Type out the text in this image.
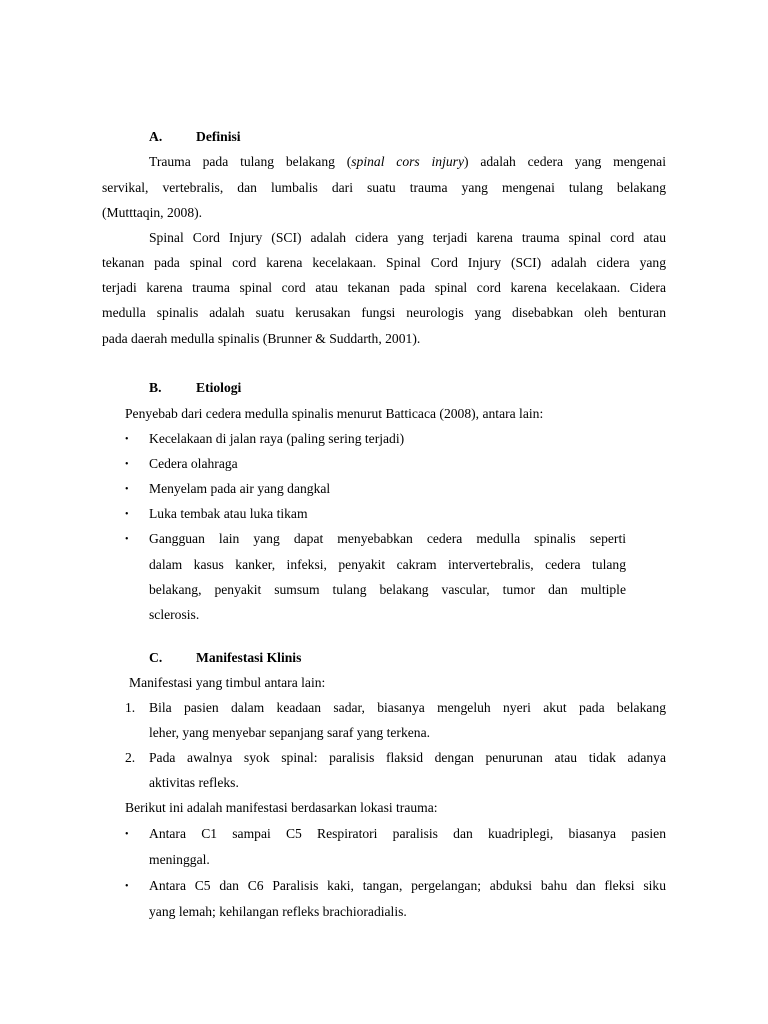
A. Definisi
Trauma pada tulang belakang (spinal cors injury) adalah cedera yang mengenai
servikal, vertebralis, dan lumbalis dari suatu trauma yang mengenai tulang belakang
(Mutttaqin, 2008).
Spinal Cord Injury (SCI) adalah cidera yang terjadi karena trauma spinal cord atau
tekanan pada spinal cord karena kecelakaan. Spinal Cord Injury (SCI) adalah cidera yang
terjadi karena trauma spinal cord atau tekanan pada spinal cord karena kecelakaan. Cidera
medulla spinalis adalah suatu kerusakan fungsi neurologis yang disebabkan oleh benturan
pada daerah medulla spinalis (Brunner & Suddarth, 2001).
B.	Etiologi
Penyebab dari cedera medulla spinalis menurut Batticaca (2008), antara lain:
• Kecelakaan di jalan raya (paling sering terjadi)
• Cedera olahraga
• Menyelam pada air yang dangkal
• Luka tembak atau luka tikam
• Gangguan lain yang dapat menyebabkan cedera medulla spinalis seperti
dalam kasus kanker, infeksi, penyakit cakram intervertebralis, cedera tulang
belakang, penyakit sumsum tulang belakang vascular, tumor dan multiple
sclerosis.
C. Manifestasi Klinis
Manifestasi yang timbul antara lain:
1. Bila pasien dalam keadaan sadar, biasanya mengeluh nyeri akut pada belakang
leher, yang menyebar sepanjang saraf yang terkena.
2. Pada awalnya syok spinal: paralisis flaksid dengan penurunan atau tidak adanya
aktivitas refleks.
Berikut ini adalah manifestasi berdasarkan lokasi trauma:
• Antara C1 sampai C5 Respiratori paralisis dan kuadriplegi, biasanya pasien
meninggal.
• Antara C5 dan C6 Paralisis kaki, tangan, pergelangan; abduksi bahu dan fleksi siku
yang lemah; kehilangan refleks brachioradialis.
